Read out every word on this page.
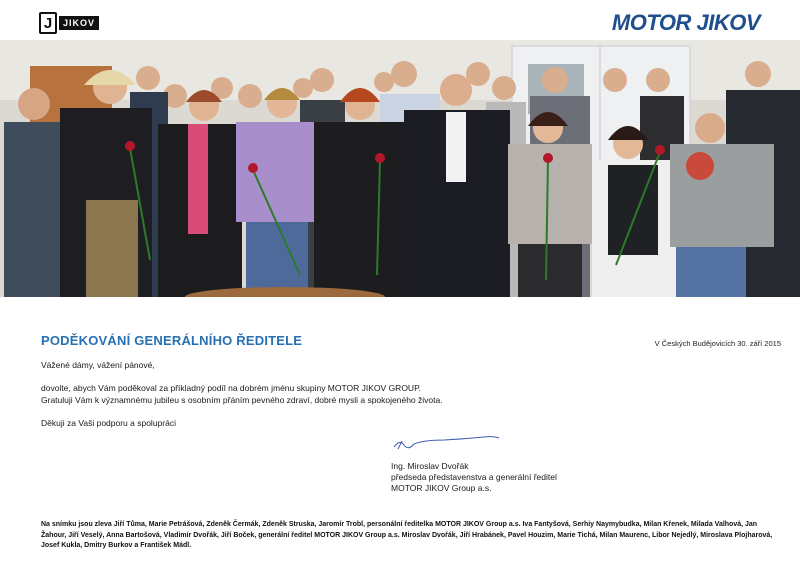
J	JIKOV	MOTOR JIKOV
PODĚKOVÁNÍ GENERÁLNÍHO ŘEDITELE	V Českých Budějovicích 30. září 2015
Vážené dámy, vážení pánové,
dovolte, abych Vám poděkoval za příkladný podíl na dobrém jménu skupiny MOTOR JIKOV GROUP.
Gratuluji Vám k významnému jubileu s osobním přáním pevného zdraví, dobré mysli a spokojeného života.
Děkuji za Vaši podporu a spolupráci
Ing. Miroslav Dvořák
předseda představenstva a generální ředitel
MOTOR JIKOV Group a.s.
Na snímku jsou zleva Jiří Tůma, Marie Petrášová, Zdeněk Čermák, Zdeněk Struska, Jaromír Trobl, personální ředitelka MOTOR JIKOV Group a.s. Iva Fantyšová, Serhiy Naymybudka, Milan Křenek, Milada Valhová, Jan Žahour, Jiří Veselý, Anna Bartošová, Vladimír Dvořák, Jiří Boček, generální ředitel MOTOR JIKOV Group a.s. Miroslav Dvořák, Jiří Hrabánek, Pavel Houzim, Marie Tichá, Milan Maurenc, Libor Nejedlý, Miroslava Plojharová, Josef Kukla, Dmitry Burkov a František Mádl.
